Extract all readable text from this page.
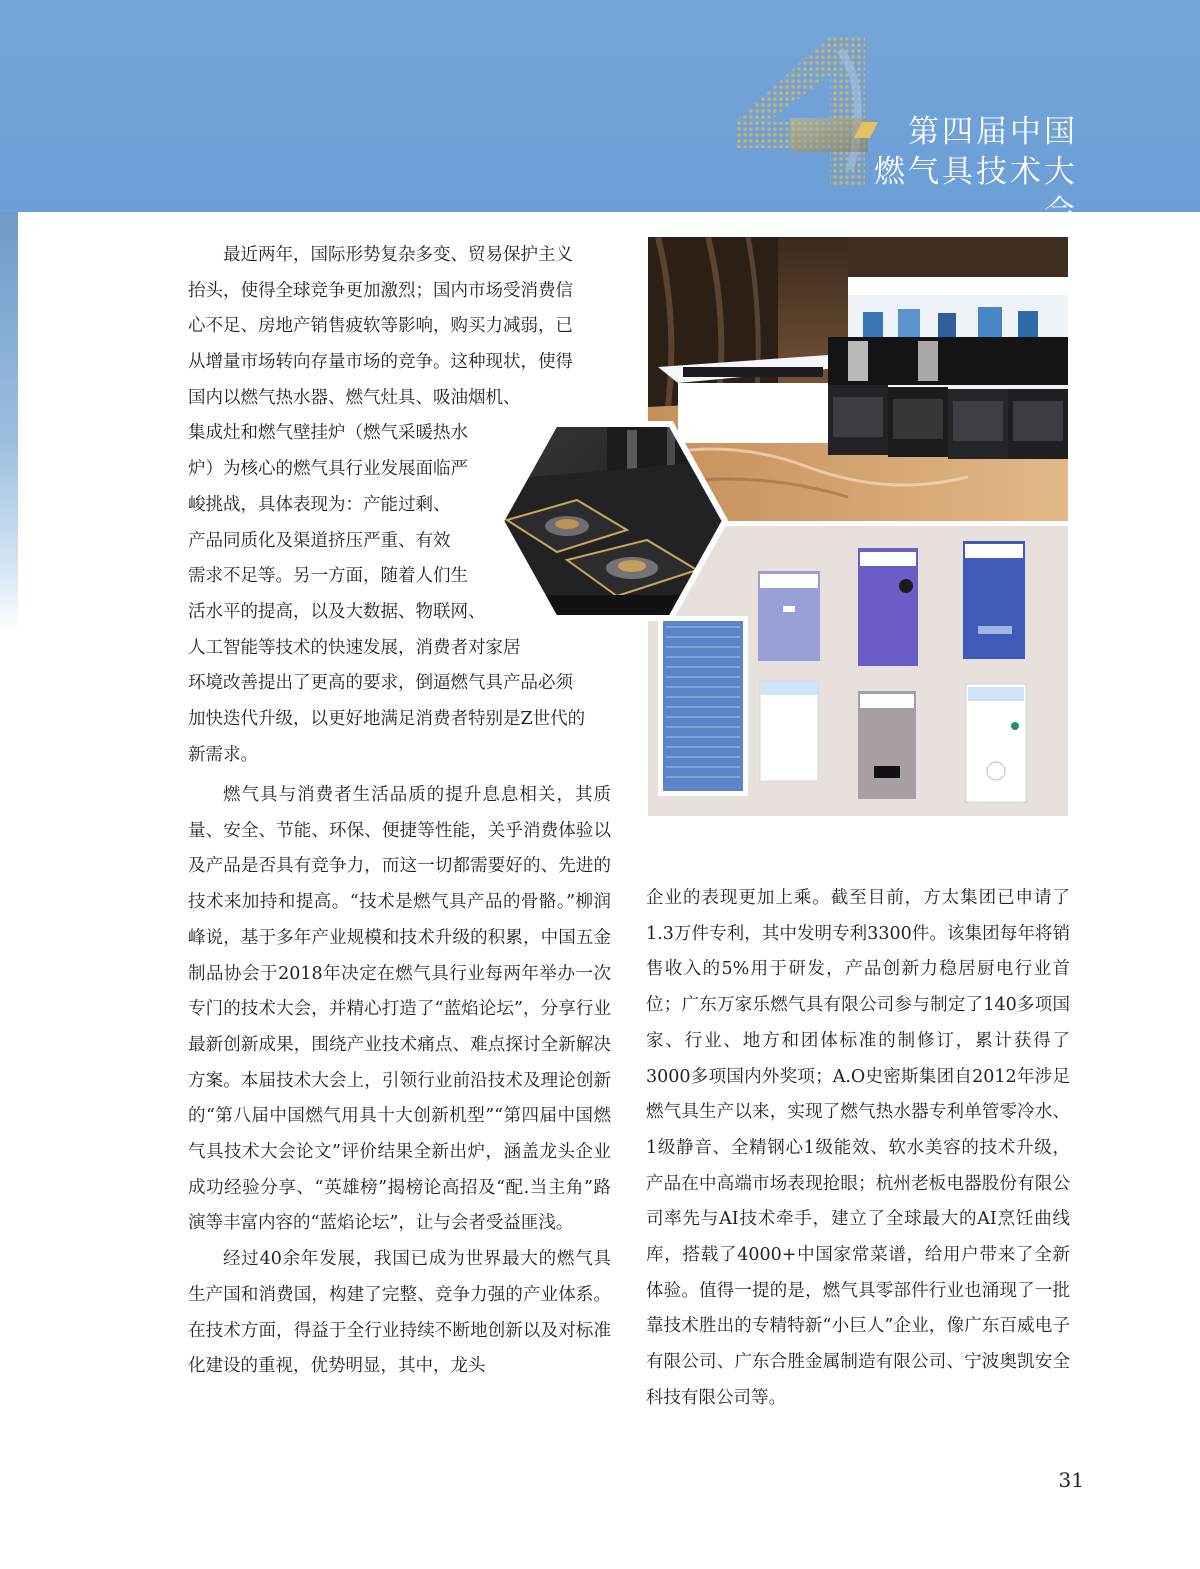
第四届中国
燃气具技术大会
最近两年，国际形势复杂多变、贸易保护主义
抬头，使得全球竞争更加激烈；国内市场受消费信
心不足、房地产销售疲软等影响，购买力减弱，已
从增量市场转向存量市场的竞争。这种现状，使得
国内以燃气热水器、燃气灶具、吸油烟机、
集成灶和燃气壁挂炉（燃气采暖热水
炉）为核心的燃气具行业发展面临严
峻挑战，具体表现为：产能过剩、
产品同质化及渠道挤压严重、有效
需求不足等。另一方面，随着人们生
活水平的提高，以及大数据、物联网、
人工智能等技术的快速发展，消费者对家居
环境改善提出了更高的要求，倒逼燃气具产品必须
加快迭代升级，以更好地满足消费者特别是Z世代的
新需求。

燃气具与消费者生活品质的提升息息相关，其质量、安全、节能、环保、便捷等性能，关乎消费体验以及产品是否具有竞争力，而这一切都需要好的、先进的技术来加持和提高。“技术是燃气具产品的骨骼。”柳润峰说，基于多年产业规模和技术升级的积累，中国五金制品协会于2018年决定在燃气具行业每两年举办一次专门的技术大会，并精心打造了“蓝焰论坛”，分享行业最新创新成果，围绕产业技术痛点、难点探讨全新解决方案。本届技术大会上，引领行业前沿技术及理论创新的“第八届中国燃气用具十大创新机型”“第四届中国燃气具技术大会论文”评价结果全新出炉，涵盖龙头企业成功经验分享、“英雄榜”揭榜论高招及“配.当主角”路演等丰富内容的“蓝焰论坛”，让与会者受益匪浅。

经过40余年发展，我国已成为世界最大的燃气具生产国和消费国，构建了完整、竞争力强的产业体系。在技术方面，得益于全行业持续不断地创新以及对标准化建设的重视，优势明显，其中，龙头

企业的表现更加上乘。截至目前，方太集团已申请了1.3万件专利，其中发明专利3300件。该集团每年将销售收入的5%用于研发，产品创新力稳居厨电行业首位；广东万家乐燃气具有限公司参与制定了140多项国家、行业、地方和团体标准的制修订，累计获得了3000多项国内外奖项；A.O史密斯集团自2012年涉足燃气具生产以来，实现了燃气热水器专利单管零冷水、1级静音、全精钢心1级能效、软水美容的技术升级，产品在中高端市场表现抢眼；杭州老板电器股份有限公司率先与AI技术牵手，建立了全球最大的AI烹饪曲线库，搭载了4000+中国家常菜谱，给用户带来了全新体验。值得一提的是，燃气具零部件行业也涌现了一批靠技术胜出的专精特新“小巨人”企业，像广东百威电子有限公司、广东合胜金属制造有限公司、宁波奥凯安全科技有限公司等。

31
